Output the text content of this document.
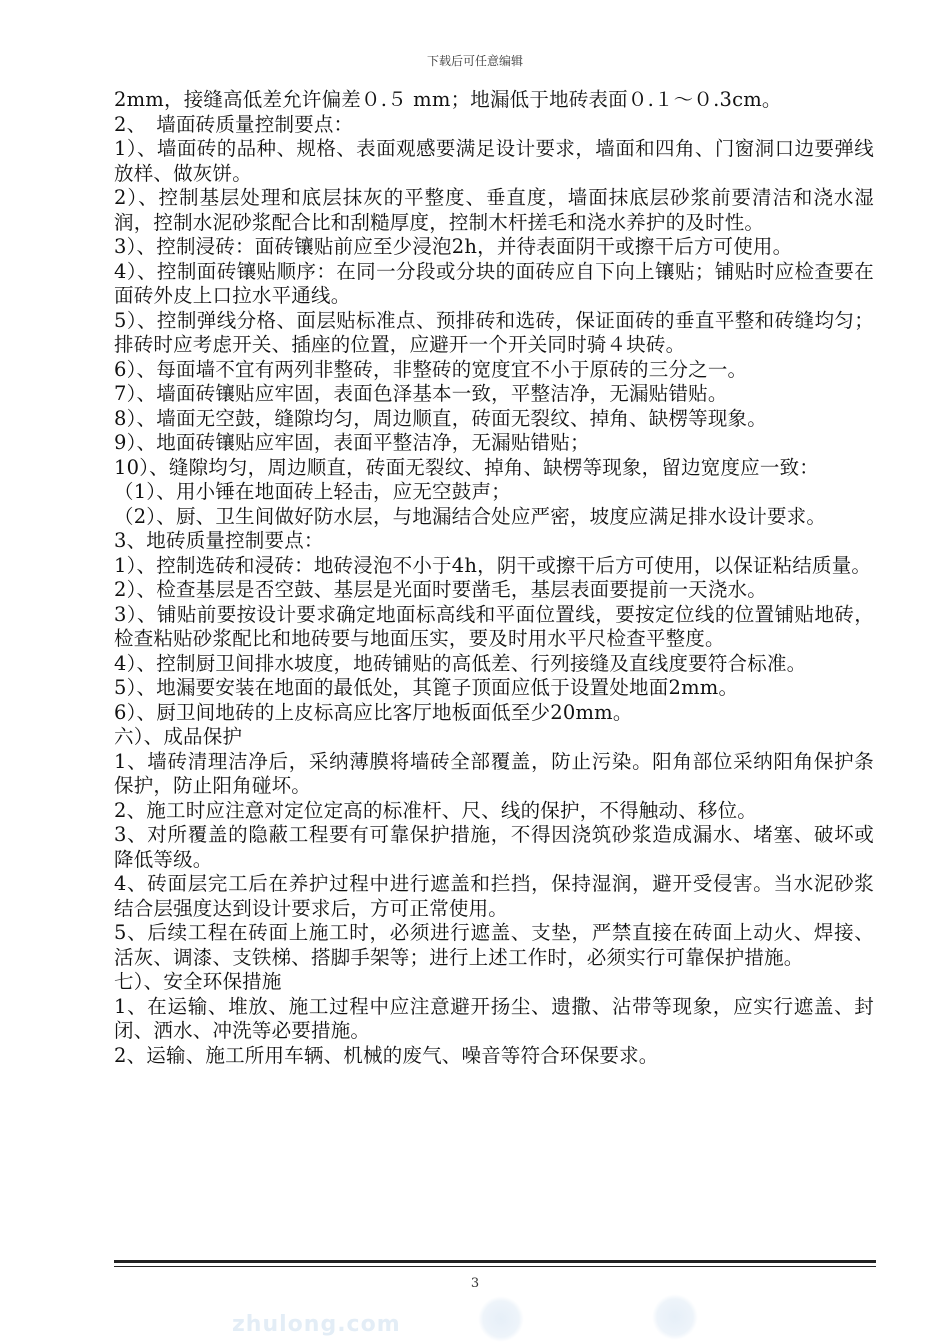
下载后可任意编辑

2mm，接缝高低差允许偏差０.５ mm；地漏低于地砖表面０.１～０.3cm。

2、　墙面砖质量控制要点：

1）、墙面砖的品种、规格、表面观感要满足设计要求，墙面和四角、门窗洞口边要弹线放样、做灰饼。

2）、控制基层处理和底层抹灰的平整度、垂直度，墙面抹底层砂浆前要清洁和浇水湿润，控制水泥砂浆配合比和刮糙厚度，控制木杆搓毛和浇水养护的及时性。

3）、控制浸砖：面砖镶贴前应至少浸泡2h，并待表面阴干或擦干后方可使用。

4）、控制面砖镶贴顺序：在同一分段或分块的面砖应自下向上镶贴；铺贴时应检查要在面砖外皮上口拉水平通线。

5）、控制弹线分格、面层贴标准点、预排砖和选砖，保证面砖的垂直平整和砖缝均匀；排砖时应考虑开关、插座的位置，应避开一个开关同时骑４块砖。

6）、每面墙不宜有两列非整砖，非整砖的宽度宜不小于原砖的三分之一。

7）、墙面砖镶贴应牢固，表面色泽基本一致，平整洁净，无漏贴错贴。

8）、墙面无空鼓，缝隙均匀，周边顺直，砖面无裂纹、掉角、缺楞等现象。

9）、地面砖镶贴应牢固，表面平整洁净，无漏贴错贴；

10）、缝隙均匀，周边顺直，砖面无裂纹、掉角、缺楞等现象，留边宽度应一致：

（1）、用小锤在地面砖上轻击，应无空鼓声；

（2）、厨、卫生间做好防水层，与地漏结合处应严密，坡度应满足排水设计要求。

3、地砖质量控制要点：

1）、控制选砖和浸砖：地砖浸泡不小于4h，阴干或擦干后方可使用，以保证粘结质量。

2）、检查基层是否空鼓、基层是光面时要凿毛，基层表面要提前一天浇水。

3）、铺贴前要按设计要求确定地面标高线和平面位置线，要按定位线的位置铺贴地砖，检查粘贴砂浆配比和地砖要与地面压实，要及时用水平尺检查平整度。

4）、控制厨卫间排水坡度，地砖铺贴的高低差、行列接缝及直线度要符合标准。

5）、地漏要安装在地面的最低处，其篦子顶面应低于设置处地面2mm。

6）、厨卫间地砖的上皮标高应比客厅地板面低至少20mm。

六）、成品保护

1、墙砖清理洁净后，采纳薄膜将墙砖全部覆盖，防止污染。阳角部位采纳阳角保护条保护，防止阳角碰坏。

2、施工时应注意对定位定高的标准杆、尺、线的保护，不得触动、移位。

3、对所覆盖的隐蔽工程要有可靠保护措施，不得因浇筑砂浆造成漏水、堵塞、破坏或降低等级。

4、砖面层完工后在养护过程中进行遮盖和拦挡，保持湿润，避开受侵害。当水泥砂浆结合层强度达到设计要求后，方可正常使用。

5、后续工程在砖面上施工时，必须进行遮盖、支垫，严禁直接在砖面上动火、焊接、活灰、调漆、支铁梯、搭脚手架等；进行上述工作时，必须实行可靠保护措施。

七）、安全环保措施

1、在运输、堆放、施工过程中应注意避开扬尘、遗撒、沾带等现象，应实行遮盖、封闭、洒水、冲洗等必要措施。

2、运输、施工所用车辆、机械的废气、噪音等符合环保要求。

3
zhulong.com
